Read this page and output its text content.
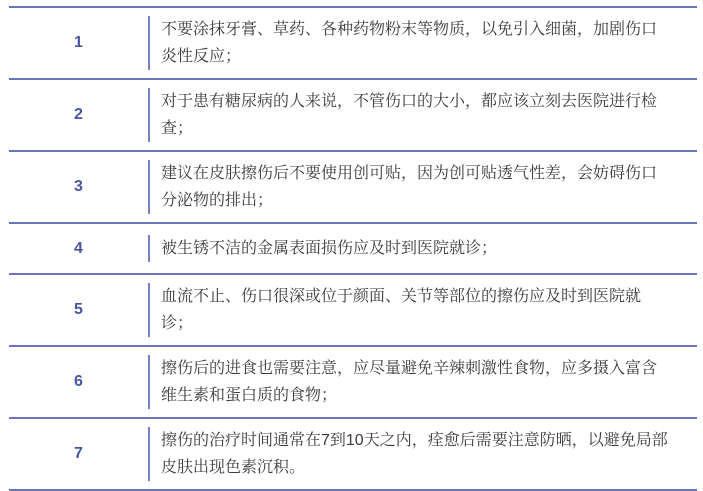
1
不要涂抹牙膏、草药、各种药物粉末等物质，以免引入细菌，加剧伤口炎性反应；
2
对于患有糖尿病的人来说，不管伤口的大小，都应该立刻去医院进行检查；
3
建议在皮肤擦伤后不要使用创可贴，因为创可贴透气性差，会妨碍伤口分泌物的排出；
4	被生锈不洁的金属表面损伤应及时到医院就诊；
5
血流不止、伤口很深或位于颜面、关节等部位的擦伤应及时到医院就诊；
6
擦伤后的进食也需要注意，应尽量避免辛辣刺激性食物，应多摄入富含维生素和蛋白质的食物；
7
擦伤的治疗时间通常在7到10天之内，痊愈后需要注意防晒，以避免局部皮肤出现色素沉积。
